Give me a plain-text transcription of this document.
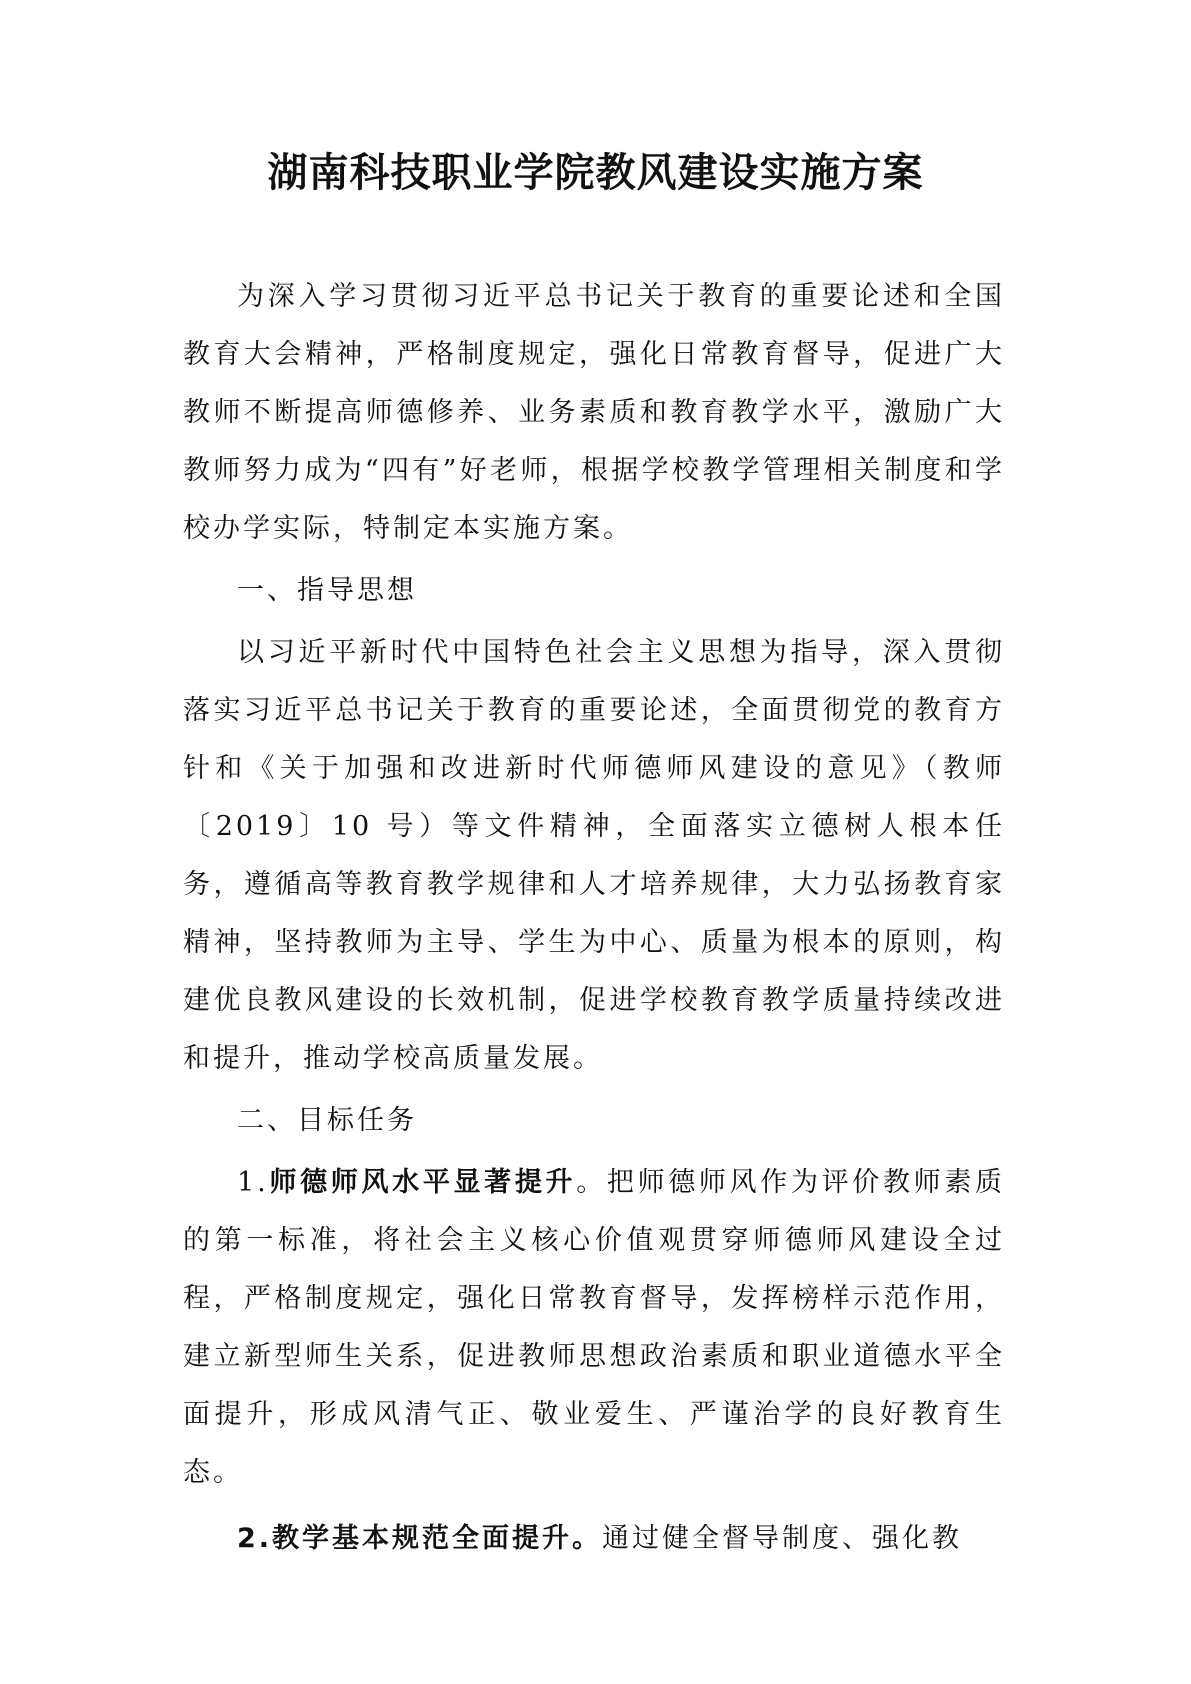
湖南科技职业学院教风建设实施方案

为深入学习贯彻习近平总书记关于教育的重要论述和全国教育大会精神，严格制度规定，强化日常教育督导，促进广大教师不断提高师德修养、业务素质和教育教学水平，激励广大教师努力成为“四有”好老师，根据学校教学管理相关制度和学校办学实际，特制定本实施方案。

一、指导思想

以习近平新时代中国特色社会主义思想为指导，深入贯彻落实习近平总书记关于教育的重要论述，全面贯彻党的教育方针和《关于加强和改进新时代师德师风建设的意见》（教师〔2019〕10 号）等文件精神，全面落实立德树人根本任务，遵循高等教育教学规律和人才培养规律，大力弘扬教育家精神，坚持教师为主导、学生为中心、质量为根本的原则，构建优良教风建设的长效机制，促进学校教育教学质量持续改进和提升，推动学校高质量发展。

二、目标任务

1.师德师风水平显著提升。把师德师风作为评价教师素质的第一标准，将社会主义核心价值观贯穿师德师风建设全过程，严格制度规定，强化日常教育督导，发挥榜样示范作用，建立新型师生关系，促进教师思想政治素质和职业道德水平全面提升，形成风清气正、敬业爱生、严谨治学的良好教育生态。

2.教学基本规范全面提升。通过健全督导制度、强化教
